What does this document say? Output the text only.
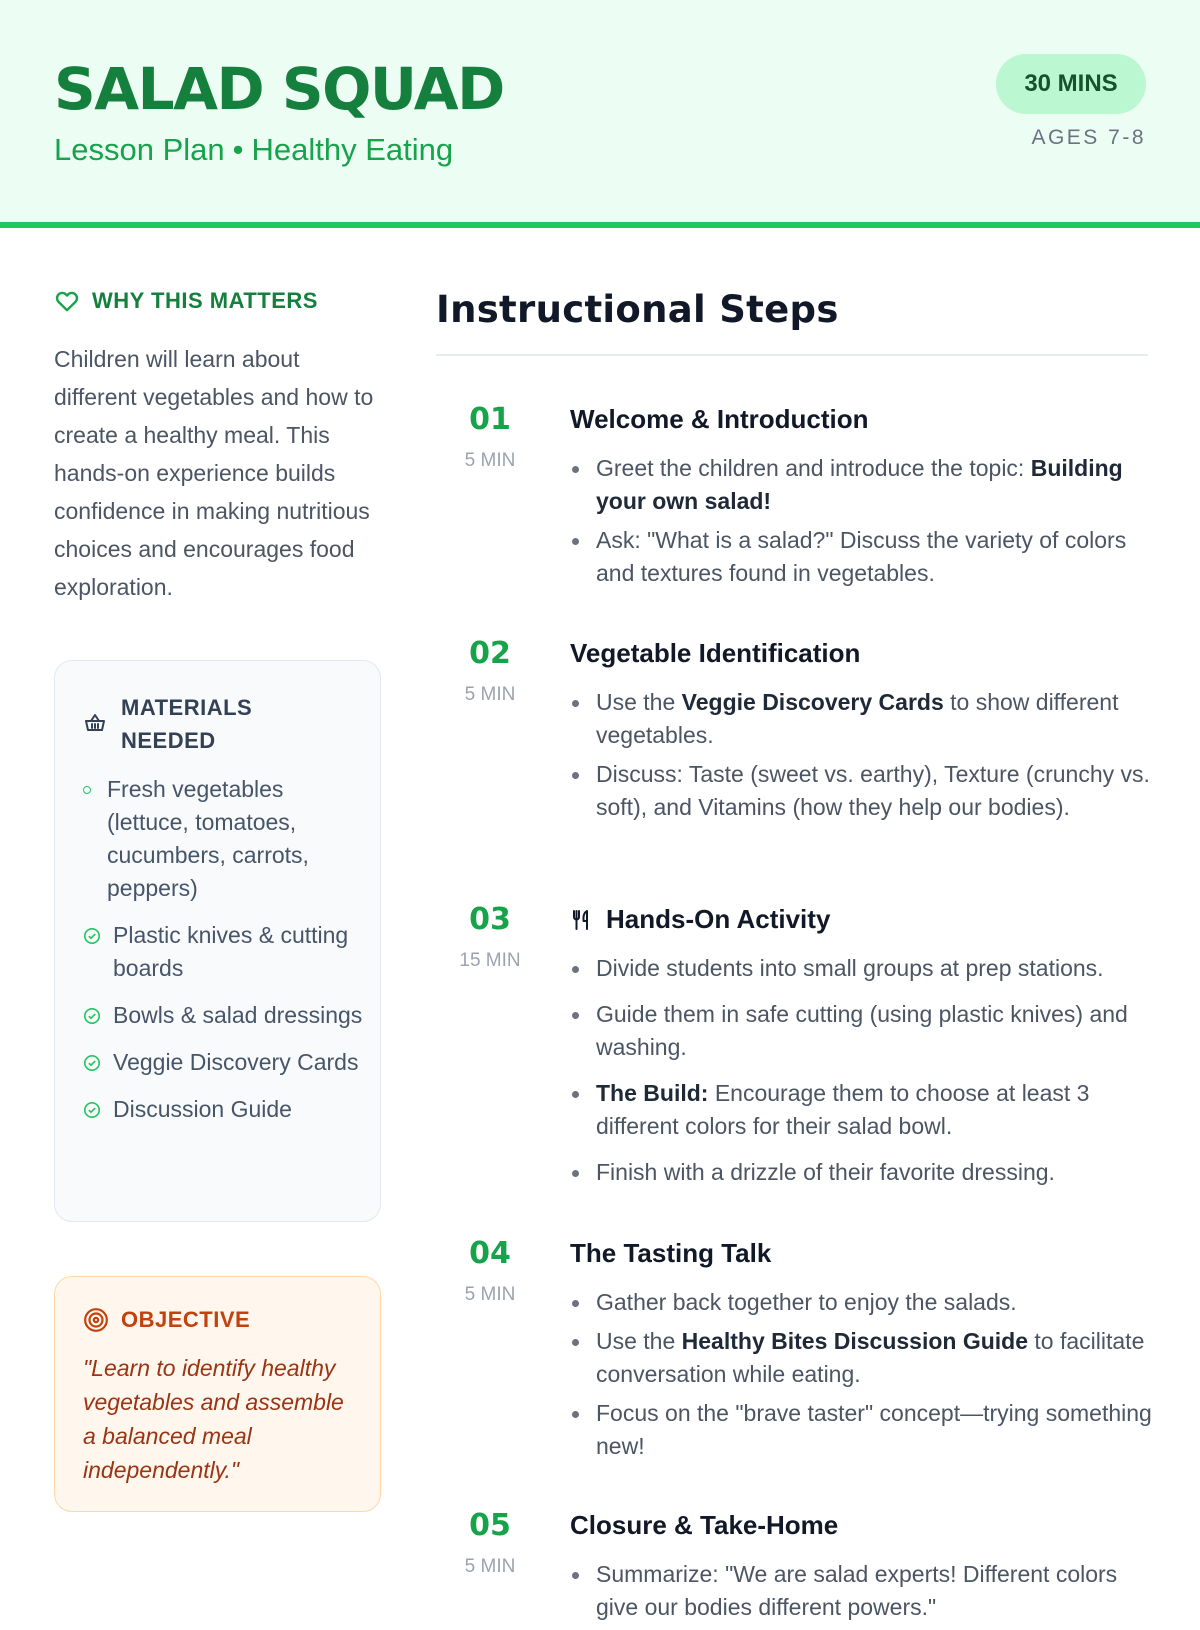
SALAD SQUAD
Lesson Plan • Healthy Eating
30 MINS
AGES 7-8
WHY THIS MATTERS

Children will learn about different vegetables and how to create a healthy meal. This hands-on experience builds confidence in making nutritious choices and encourages food exploration.

MATERIALS NEEDED
Fresh vegetables (lettuce, tomatoes, cucumbers, carrots, peppers)
Plastic knives & cutting boards
Bowls & salad dressings
Veggie Discovery Cards
Discussion Guide
OBJECTIVE

"Learn to identify healthy vegetables and assemble a balanced meal independently."

Instructional Steps
01
5 MIN
Welcome & Introduction
Greet the children and introduce the topic: Building your own salad!
Ask: "What is a salad?" Discuss the variety of colors and textures found in vegetables.
02
5 MIN
Vegetable Identification
Use the Veggie Discovery Cards to show different vegetables.
Discuss: Taste (sweet vs. earthy), Texture (crunchy vs. soft), and Vitamins (how they help our bodies).
03
15 MIN
Hands-On Activity
Divide students into small groups at prep stations.
Guide them in safe cutting (using plastic knives) and washing.
The Build: Encourage them to choose at least 3 different colors for their salad bowl.
Finish with a drizzle of their favorite dressing.
04
5 MIN
The Tasting Talk
Gather back together to enjoy the salads.
Use the Healthy Bites Discussion Guide to facilitate conversation while eating.
Focus on the "brave taster" concept—trying something new!
05
5 MIN
Closure & Take-Home
Summarize: "We are salad experts! Different colors give our bodies different powers."
